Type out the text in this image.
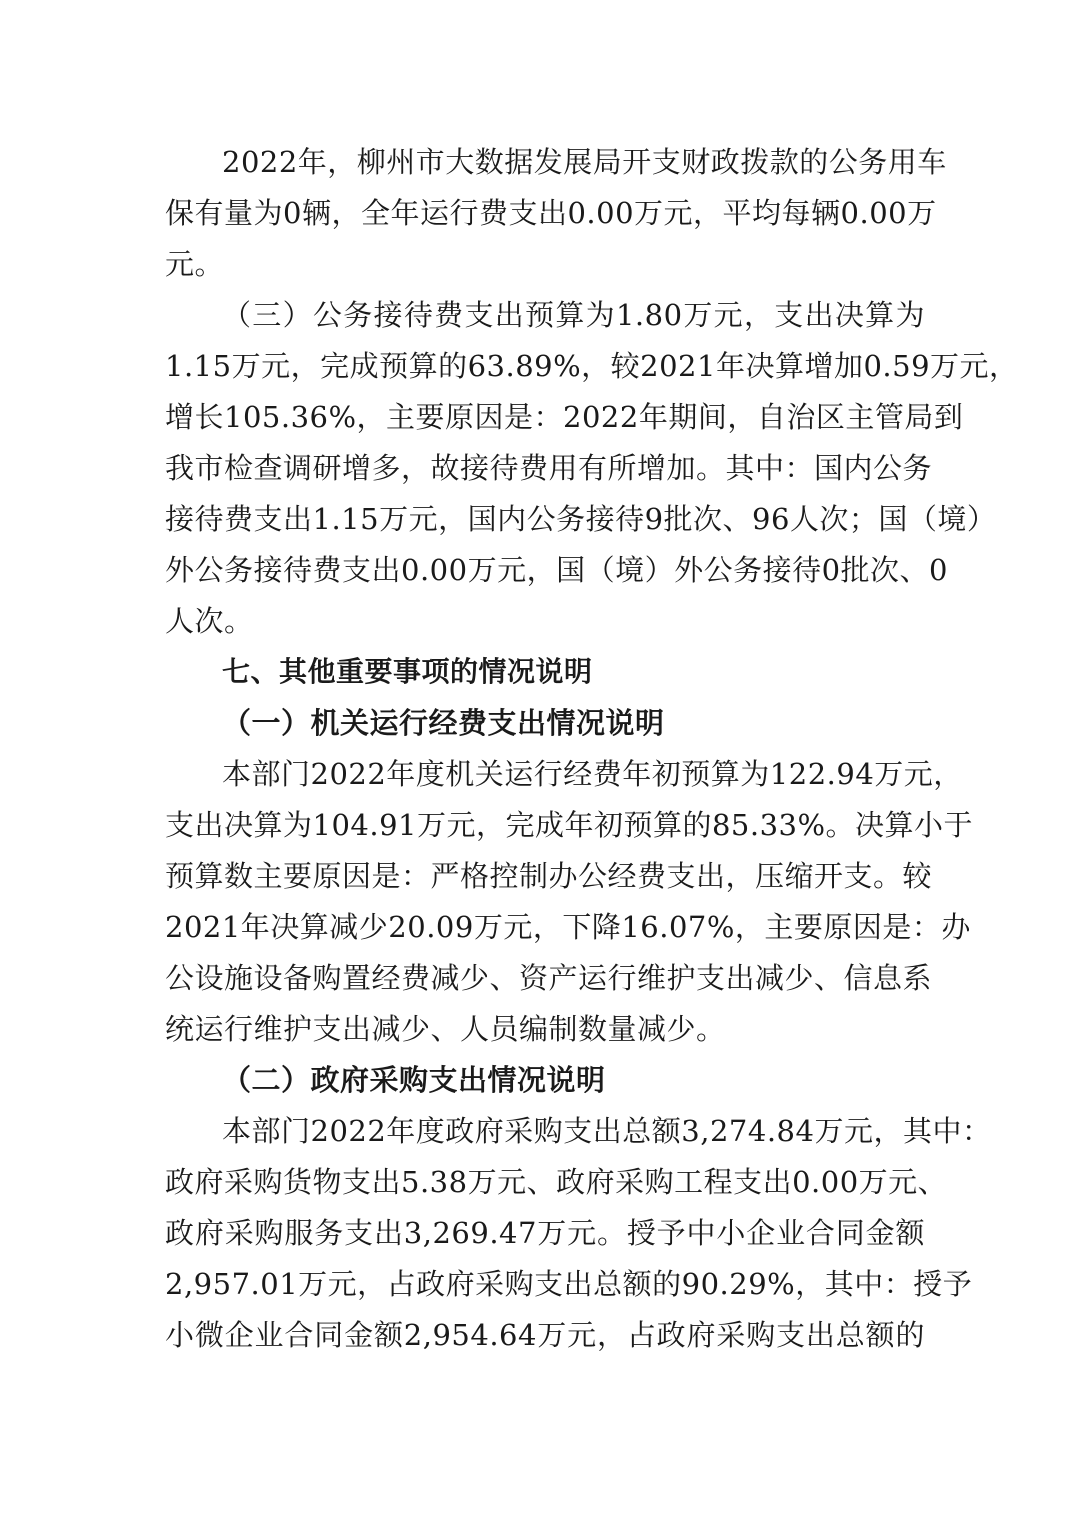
2022年，柳州市大数据发展局开支财政拨款的公务用车
保有量为0辆，全年运行费支出0.00万元，平均每辆0.00万
元。
（三）公务接待费支出预算为1.80万元，支出决算为
1.15万元，完成预算的63.89%，较2021年决算增加0.59万元，
增长105.36%，主要原因是：2022年期间，自治区主管局到
我市检查调研增多，故接待费用有所增加。其中：国内公务
接待费支出1.15万元，国内公务接待9批次、96人次；国（境）
外公务接待费支出0.00万元，国（境）外公务接待0批次、0
人次。
七、其他重要事项的情况说明
（一）机关运行经费支出情况说明
本部门2022年度机关运行经费年初预算为122.94万元，
支出决算为104.91万元，完成年初预算的85.33%。决算小于
预算数主要原因是：严格控制办公经费支出，压缩开支。较
2021年决算减少20.09万元，下降16.07%，主要原因是：办
公设施设备购置经费减少、资产运行维护支出减少、信息系
统运行维护支出减少、人员编制数量减少。
（二）政府采购支出情况说明
本部门2022年度政府采购支出总额3,274.84万元，其中：
政府采购货物支出5.38万元、政府采购工程支出0.00万元、
政府采购服务支出3,269.47万元。授予中小企业合同金额
2,957.01万元，占政府采购支出总额的90.29%，其中：授予
小微企业合同金额2,954.64万元，占政府采购支出总额的
